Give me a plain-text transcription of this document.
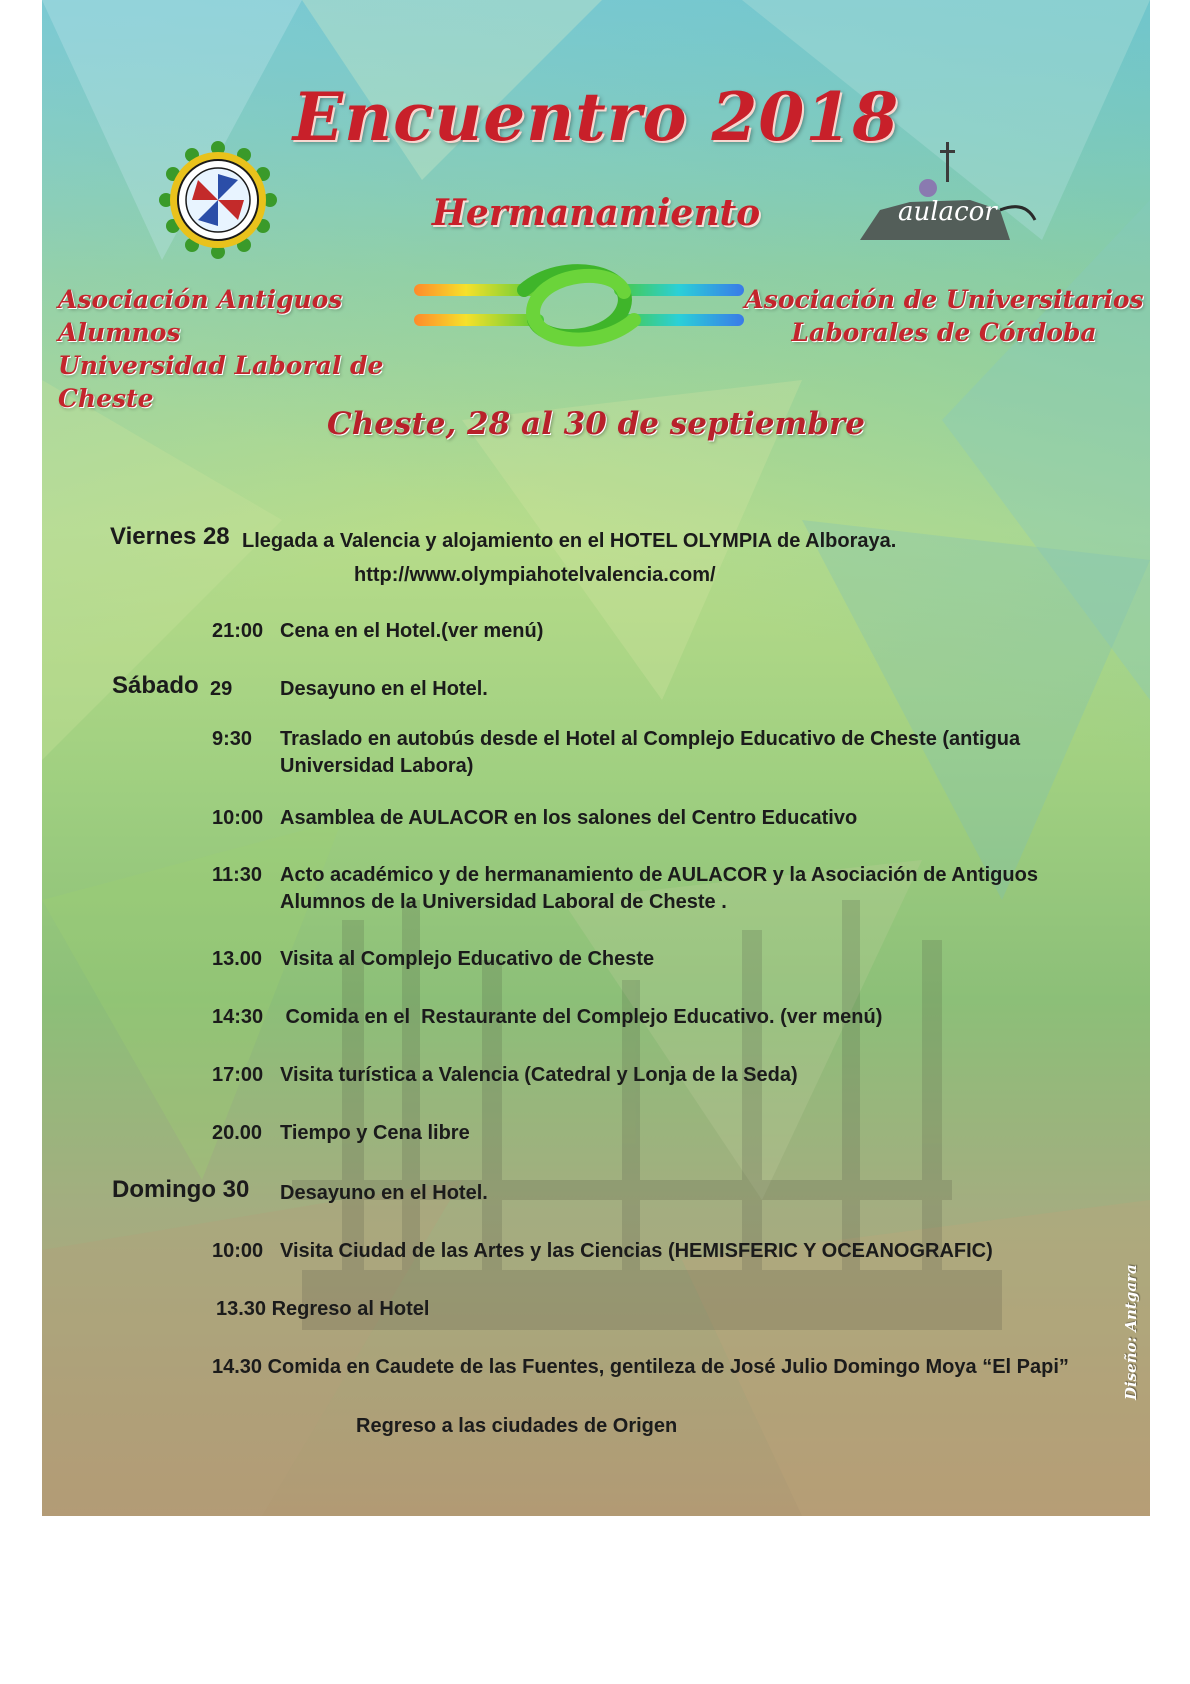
Encuentro 2018
Hermanamiento	aulacor
Asociación Antiguos Alumnos
Universidad Laboral de Cheste
Asociación de Universitarios
Laborales de Córdoba
Cheste, 28 al 30 de septiembre
Viernes 28 Llegada a Valencia y alojamiento en el HOTEL OLYMPIA de Alboraya.
http://www.olympiahotelvalencia.com/
21:00 Cena en el Hotel.(ver menú)
Sábado 29 Desayuno en el Hotel.
9:30 Traslado en autobús desde el Hotel al Complejo Educativo de Cheste (antigua
Universidad Labora)
10:00 Asamblea de AULACOR en los salones del Centro Educativo
11:30 Acto académico y de hermanamiento de AULACOR y la Asociación de Antiguos
Alumnos de la Universidad Laboral de Cheste .
13.00 Visita al Complejo Educativo de Cheste
14:30 Comida en el  Restaurante del Complejo Educativo. (ver menú)
17:00 Visita turística a Valencia (Catedral y Lonja de la Seda)
20.00 Tiempo y Cena libre
Domingo 30 Desayuno en el Hotel.
10:00 Visita Ciudad de las Artes y las Ciencias (HEMISFERIC Y OCEANOGRAFIC)
13.30 Regreso al Hotel
14.30 Comida en Caudete de las Fuentes, gentileza de José Julio Domingo Moya “El Papi”
Regreso a las ciudades de Origen
Diseño: Antgara
